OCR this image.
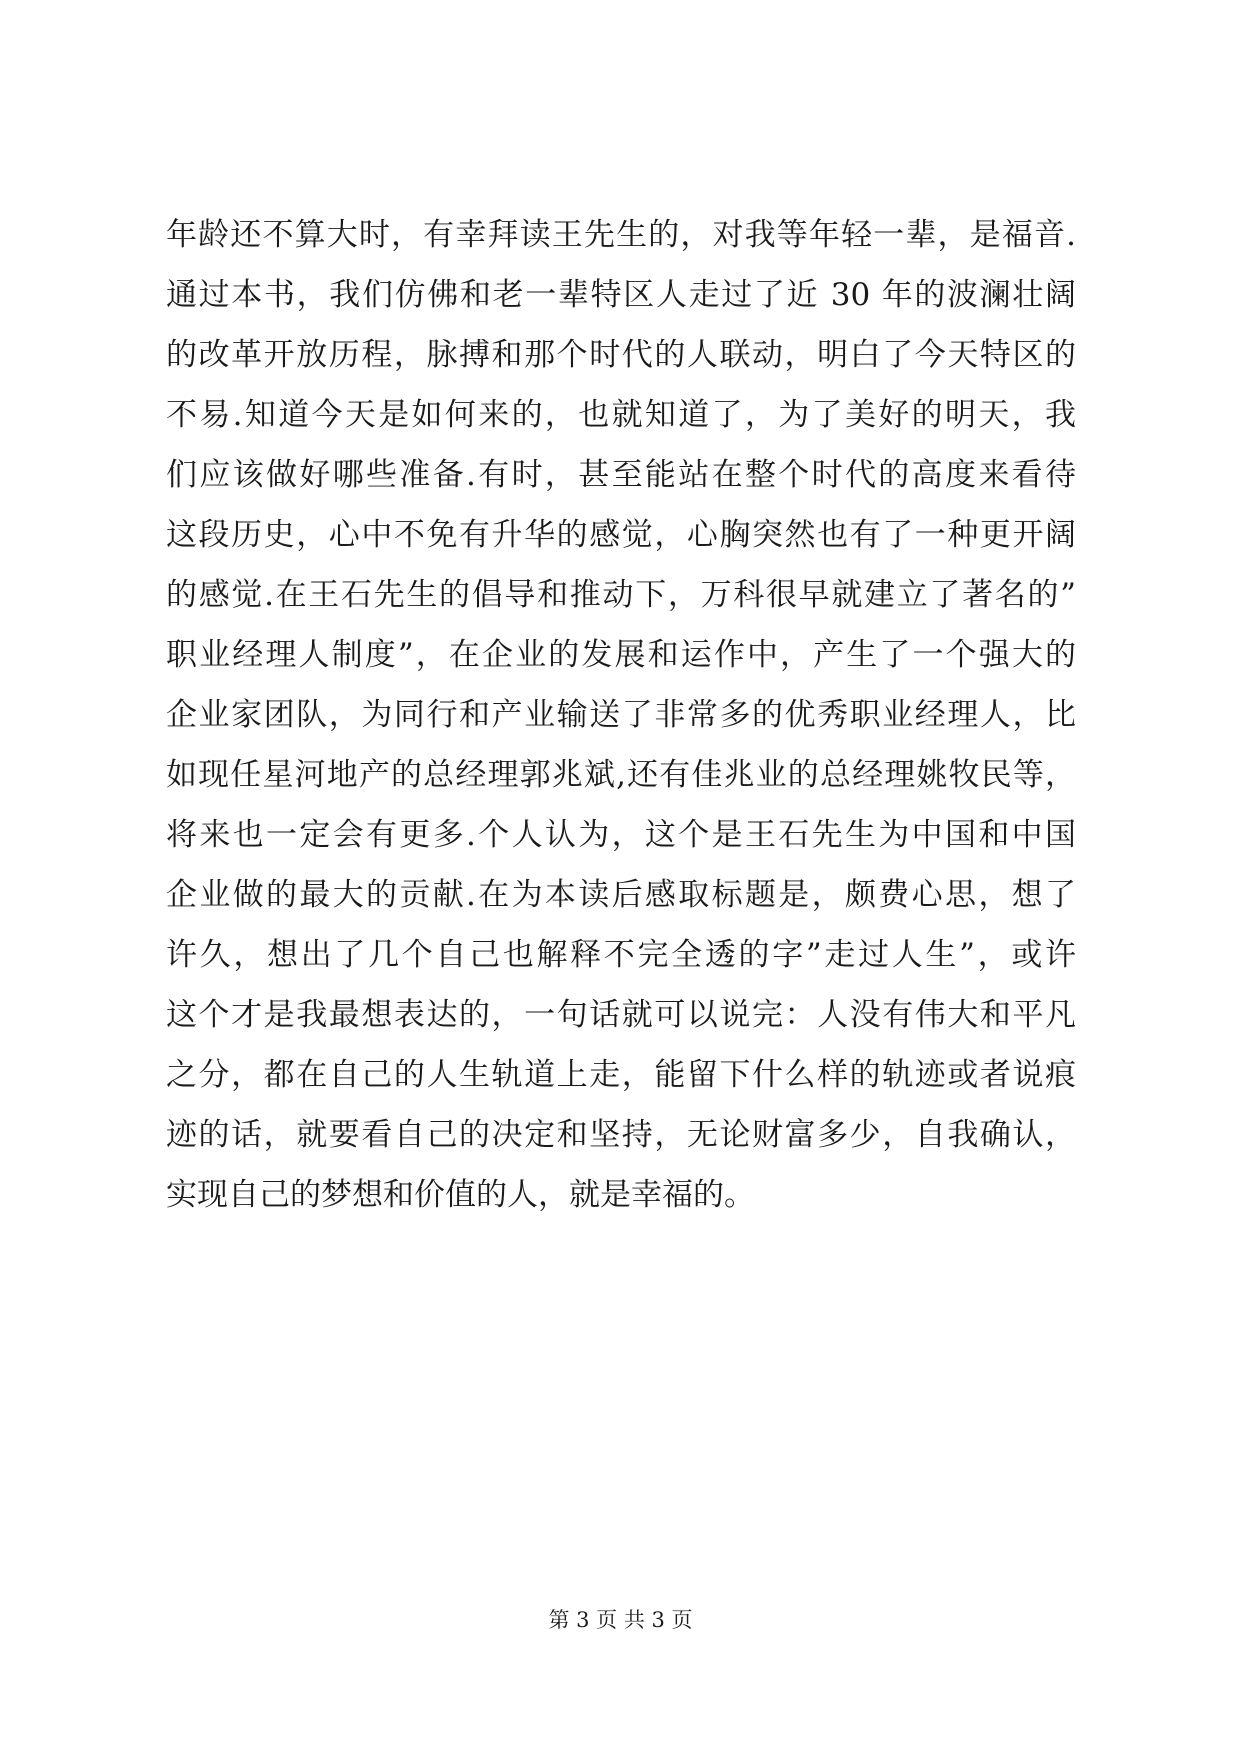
年龄还不算大时，有幸拜读王先生的，对我等年轻一辈，是福音.
通过本书，我们仿佛和老一辈特区人走过了近 30 年的波澜壮阔
的改革开放历程，脉搏和那个时代的人联动，明白了今天特区的
不易.知道今天是如何来的，也就知道了，为了美好的明天，我
们应该做好哪些准备.有时，甚至能站在整个时代的高度来看待
这段历史，心中不免有升华的感觉，心胸突然也有了一种更开阔
的感觉.在王石先生的倡导和推动下，万科很早就建立了著名的”
职业经理人制度”，在企业的发展和运作中，产生了一个强大的
企业家团队，为同行和产业输送了非常多的优秀职业经理人，比
如现任星河地产的总经理郭兆斌,还有佳兆业的总经理姚牧民等，
将来也一定会有更多.个人认为，这个是王石先生为中国和中国
企业做的最大的贡献.在为本读后感取标题是，颇费心思，想了
许久，想出了几个自己也解释不完全透的字”走过人生”，或许
这个才是我最想表达的，一句话就可以说完：人没有伟大和平凡
之分，都在自己的人生轨道上走，能留下什么样的轨迹或者说痕
迹的话，就要看自己的决定和坚持，无论财富多少，自我确认，
实现自己的梦想和价值的人，就是幸福的。
第 3 页 共 3 页
